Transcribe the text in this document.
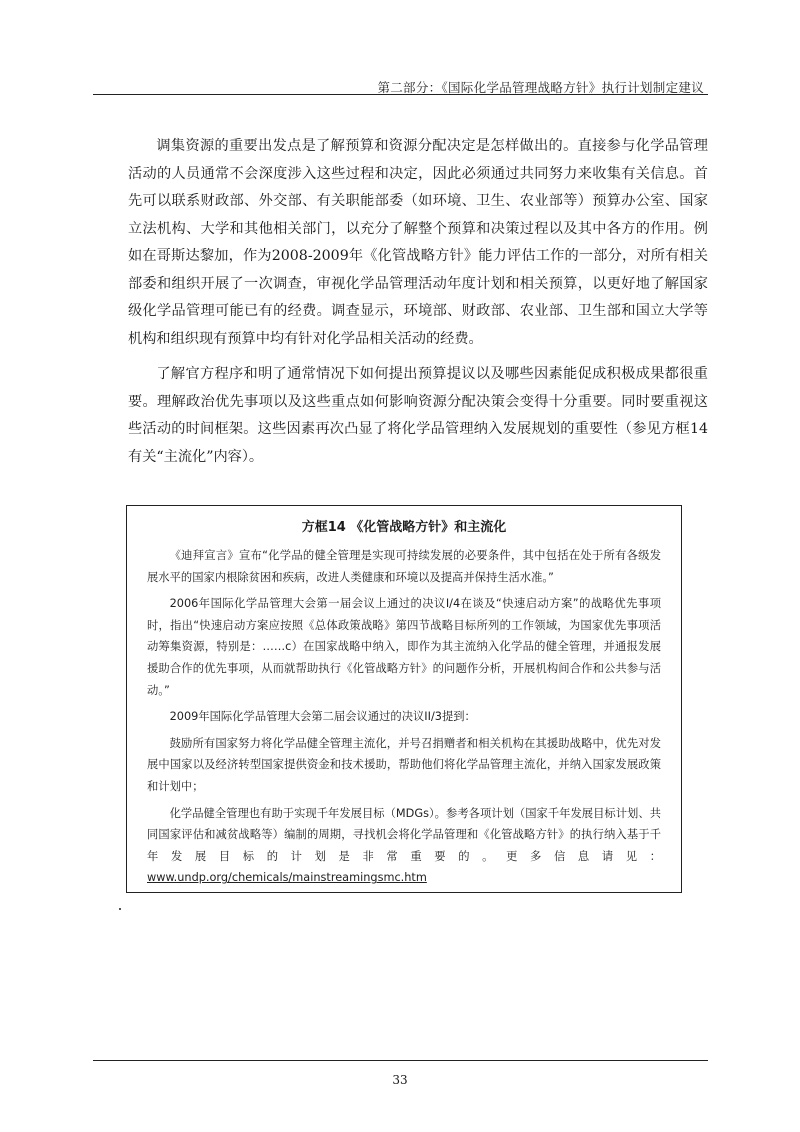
第二部分：《国际化学品管理战略方针》执行计划制定建议

调集资源的重要出发点是了解预算和资源分配决定是怎样做出的。直接参与化学品管理活动的人员通常不会深度涉入这些过程和决定，因此必须通过共同努力来收集有关信息。首先可以联系财政部、外交部、有关职能部委（如环境、卫生、农业部等）预算办公室、国家立法机构、大学和其他相关部门，以充分了解整个预算和决策过程以及其中各方的作用。例如在哥斯达黎加，作为2008-2009年《化管战略方针》能力评估工作的一部分，对所有相关部委和组织开展了一次调查，审视化学品管理活动年度计划和相关预算，以更好地了解国家级化学品管理可能已有的经费。调查显示，环境部、财政部、农业部、卫生部和国立大学等机构和组织现有预算中均有针对化学品相关活动的经费。

了解官方程序和明了通常情况下如何提出预算提议以及哪些因素能促成积极成果都很重要。理解政治优先事项以及这些重点如何影响资源分配决策会变得十分重要。同时要重视这些活动的时间框架。这些因素再次凸显了将化学品管理纳入发展规划的重要性（参见方框14有关“主流化”内容）。

方框14 《化管战略方针》和主流化

《迪拜宣言》宣布“化学品的健全管理是实现可持续发展的必要条件，其中包括在处于所有各级发展水平的国家内根除贫困和疾病，改进人类健康和环境以及提高并保持生活水准。”

2006年国际化学品管理大会第一届会议上通过的决议I/4在谈及“快速启动方案”的战略优先事项时，指出“快速启动方案应按照《总体政策战略》第四节战略目标所列的工作领域，为国家优先事项活动筹集资源，特别是：……c）在国家战略中纳入，即作为其主流纳入化学品的健全管理，并通报发展援助合作的优先事项，从而就帮助执行《化管战略方针》的问题作分析，开展机构间合作和公共参与活动。”

2009年国际化学品管理大会第二届会议通过的决议II/3提到：

鼓励所有国家努力将化学品健全管理主流化，并号召捐赠者和相关机构在其援助战略中，优先对发展中国家以及经济转型国家提供资金和技术援助，帮助他们将化学品管理主流化，并纳入国家发展政策和计划中；

化学品健全管理也有助于实现千年发展目标（MDGs）。参考各项计划（国家千年发展目标计划、共同国家评估和减贫战略等）编制的周期，寻找机会将化学品管理和《化管战略方针》的执行纳入基于千年发展目标的计划是非常重要的。更多信息请见：www.undp.org/chemicals/mainstreamingsmc.htm

33
